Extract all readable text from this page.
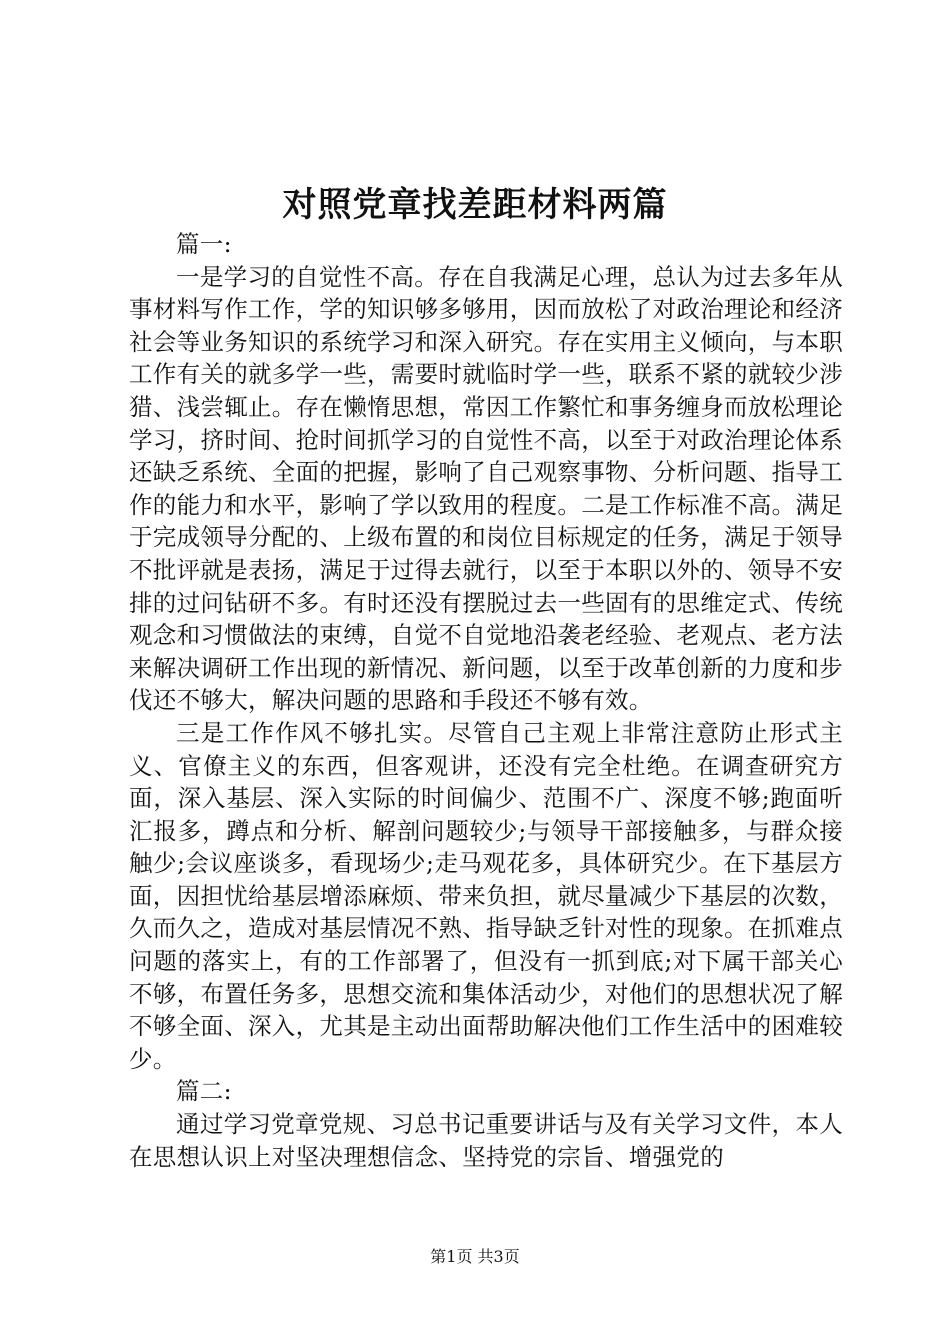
对照党章找差距材料两篇

篇一:

一是学习的自觉性不高。存在自我满足心理，总认为过去多年从事材料写作工作，学的知识够多够用，因而放松了对政治理论和经济社会等业务知识的系统学习和深入研究。存在实用主义倾向，与本职工作有关的就多学一些，需要时就临时学一些，联系不紧的就较少涉猎、浅尝辄止。存在懒惰思想，常因工作繁忙和事务缠身而放松理论学习，挤时间、抢时间抓学习的自觉性不高，以至于对政治理论体系还缺乏系统、全面的把握，影响了自己观察事物、分析问题、指导工作的能力和水平，影响了学以致用的程度。二是工作标准不高。满足于完成领导分配的、上级布置的和岗位目标规定的任务，满足于领导不批评就是表扬，满足于过得去就行，以至于本职以外的、领导不安排的过问钻研不多。有时还没有摆脱过去一些固有的思维定式、传统观念和习惯做法的束缚，自觉不自觉地沿袭老经验、老观点、老方法来解决调研工作出现的新情况、新问题，以至于改革创新的力度和步伐还不够大，解决问题的思路和手段还不够有效。

三是工作作风不够扎实。尽管自己主观上非常注意防止形式主义、官僚主义的东西，但客观讲，还没有完全杜绝。在调查研究方面，深入基层、深入实际的时间偏少、范围不广、深度不够;跑面听汇报多，蹲点和分析、解剖问题较少;与领导干部接触多，与群众接触少;会议座谈多，看现场少;走马观花多，具体研究少。在下基层方面，因担忧给基层增添麻烦、带来负担，就尽量减少下基层的次数，久而久之，造成对基层情况不熟、指导缺乏针对性的现象。在抓难点问题的落实上，有的工作部署了，但没有一抓到底;对下属干部关心不够，布置任务多，思想交流和集体活动少，对他们的思想状况了解不够全面、深入，尤其是主动出面帮助解决他们工作生活中的困难较少。

篇二:

通过学习党章党规、习总书记重要讲话与及有关学习文件，本人在思想认识上对坚决理想信念、坚持党的宗旨、增强党的

第1页 共3页
